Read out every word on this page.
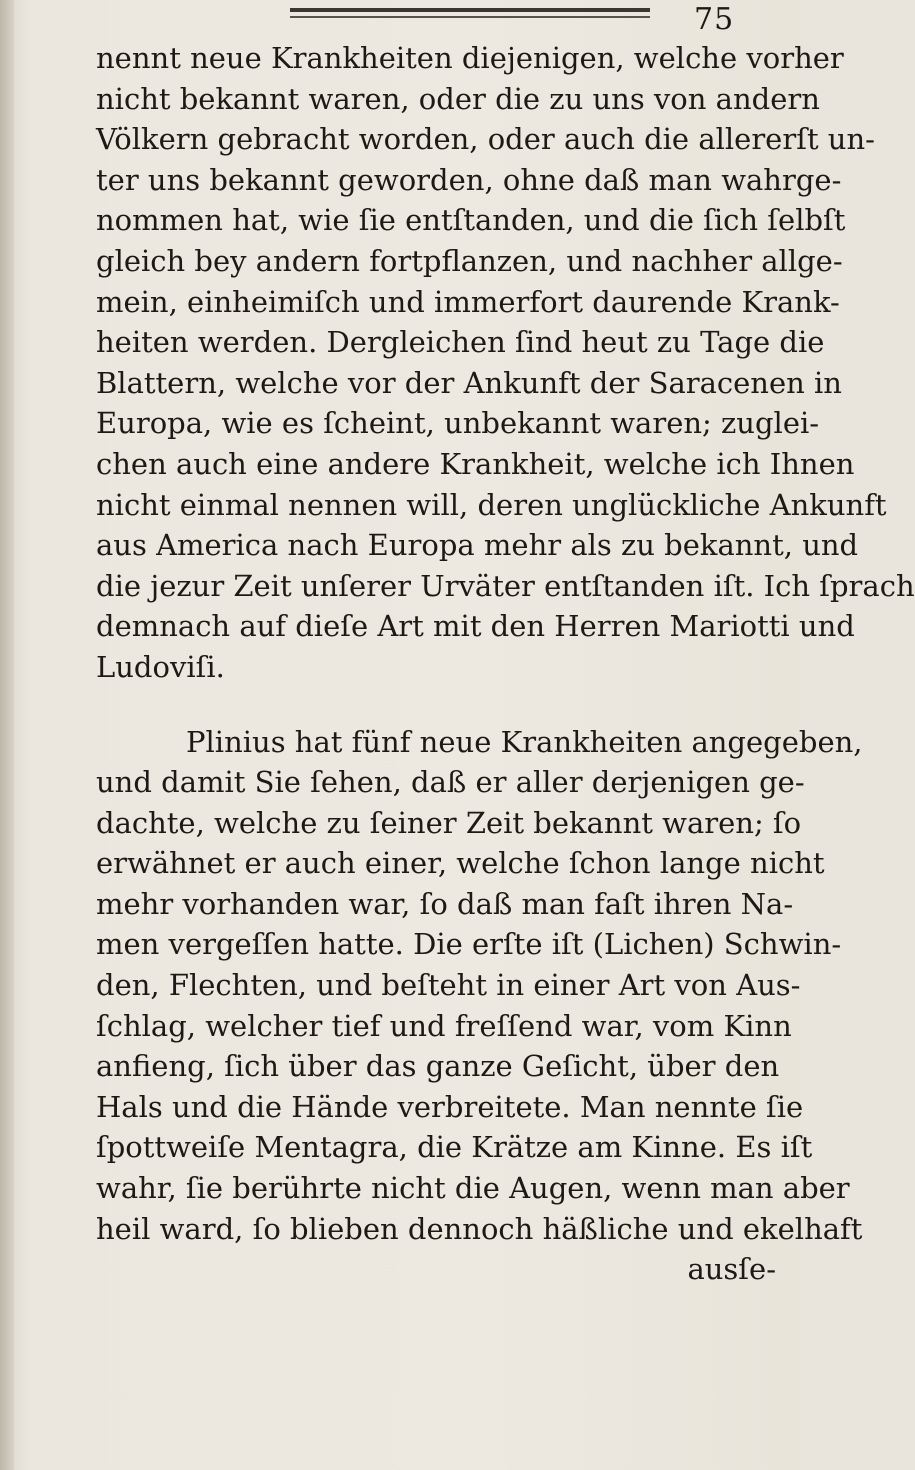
75
nennt neue Krankheiten diejenigen, welche vorher
nicht bekannt waren, oder die zu uns von andern
Völkern gebracht worden, oder auch die allererſt un-
ter uns bekannt geworden, ohne daß man wahrge-
nommen hat, wie ſie entſtanden, und die ſich ſelbſt
gleich bey andern fortpflanzen, und nachher allge-
mein, einheimiſch und immerfort daurende Krank-
heiten werden. Dergleichen ſind heut zu Tage die
Blattern, welche vor der Ankunft der Saracenen in
Europa, wie es ſcheint, unbekannt waren; zuglei-
chen auch eine andere Krankheit, welche ich Ihnen
nicht einmal nennen will, deren unglückliche Ankunft
aus America nach Europa mehr als zu bekannt, und
die jezur Zeit unſerer Urväter entſtanden iſt. Ich ſprach
demnach auf dieſe Art mit den Herren Mariotti und
Ludoviſi.
Plinius hat fünf neue Krankheiten angegeben,
und damit Sie ſehen, daß er aller derjenigen ge-
dachte, welche zu ſeiner Zeit bekannt waren; ſo
erwähnet er auch einer, welche ſchon lange nicht
mehr vorhanden war, ſo daß man faſt ihren Na-
men vergeſſen hatte. Die erſte iſt (Lichen) Schwin-
den, Flechten, und beſteht in einer Art von Aus-
ſchlag, welcher tief und freſſend war, vom Kinn
anfieng, ſich über das ganze Geſicht, über den
Hals und die Hände verbreitete. Man nennte ſie
ſpottweiſe Mentagra, die Krätze am Kinne. Es iſt
wahr, ſie berührte nicht die Augen, wenn man aber
heil ward, ſo blieben dennoch häßliche und ekelhaft
ausſe-
